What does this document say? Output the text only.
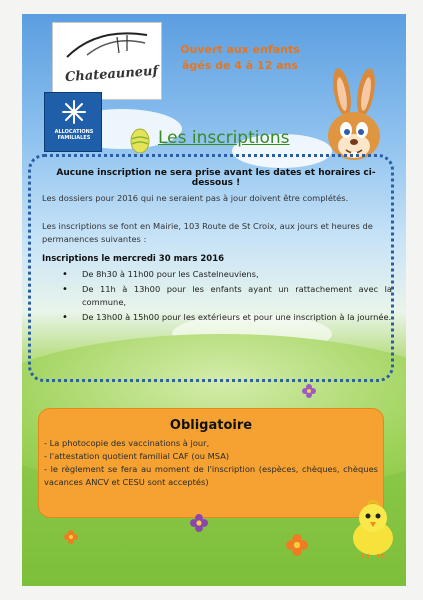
Chateauneuf
ALLOCATIONS FAMILIALES
Ouvert aux enfants
âgés de 4 à 12 ans
Les inscriptions
Aucune inscription ne sera prise avant les dates et horaires ci-dessous !
Les dossiers pour 2016 qui ne seraient pas à jour doivent être complétés.
Les inscriptions se font en Mairie, 103 Route de St Croix, aux jours et heures de permanences suivantes :
Inscriptions le mercredi 30 mars 2016
• De 8h30 à 11h00 pour les Castelneuviens,
• De 11h à 13h00 pour les enfants ayant un rattachement avec la commune,
• De 13h00 à 15h00 pour les extérieurs et pour une inscription à la journée.
Obligatoire
- La photocopie des vaccinations à jour,
- l'attestation quotient familial CAF (ou MSA)
- le règlement se fera au moment de l'inscription (espèces, chèques, chèques vacances ANCV et CESU sont acceptés)
